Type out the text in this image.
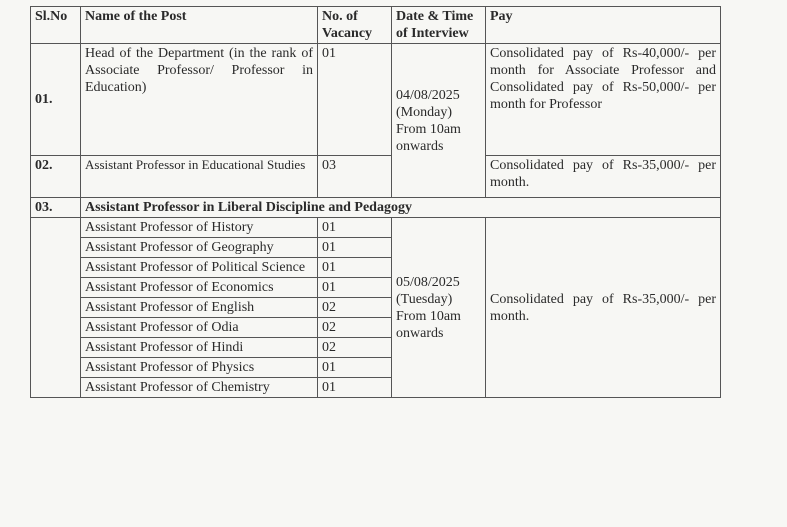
Sl.No	Name of the Post	No. of Vacancy	Date & Time of Interview	Pay
01.	Head of the Department (in the rank of Associate Professor/ Professor in Education)	01	04/08/2025 (Monday) From 10am onwards	Consolidated pay of Rs-40,000/- per month for Associate Professor and Consolidated pay of Rs-50,000/- per month for Professor
02.	Assistant Professor in Educational Studies	03		Consolidated pay of Rs-35,000/- per month.
03.	Assistant Professor in Liberal Discipline and Pedagogy			
	Assistant Professor of History	01	05/08/2025 (Tuesday) From 10am onwards	Consolidated pay of Rs-35,000/- per month.
	Assistant Professor of Geography	01		
	Assistant Professor of Political Science	01		
	Assistant Professor of Economics	01		
	Assistant Professor of English	02		
	Assistant Professor of Odia	02		
	Assistant Professor of Hindi	02		
	Assistant Professor of Physics	01		
	Assistant Professor of Chemistry	01		
